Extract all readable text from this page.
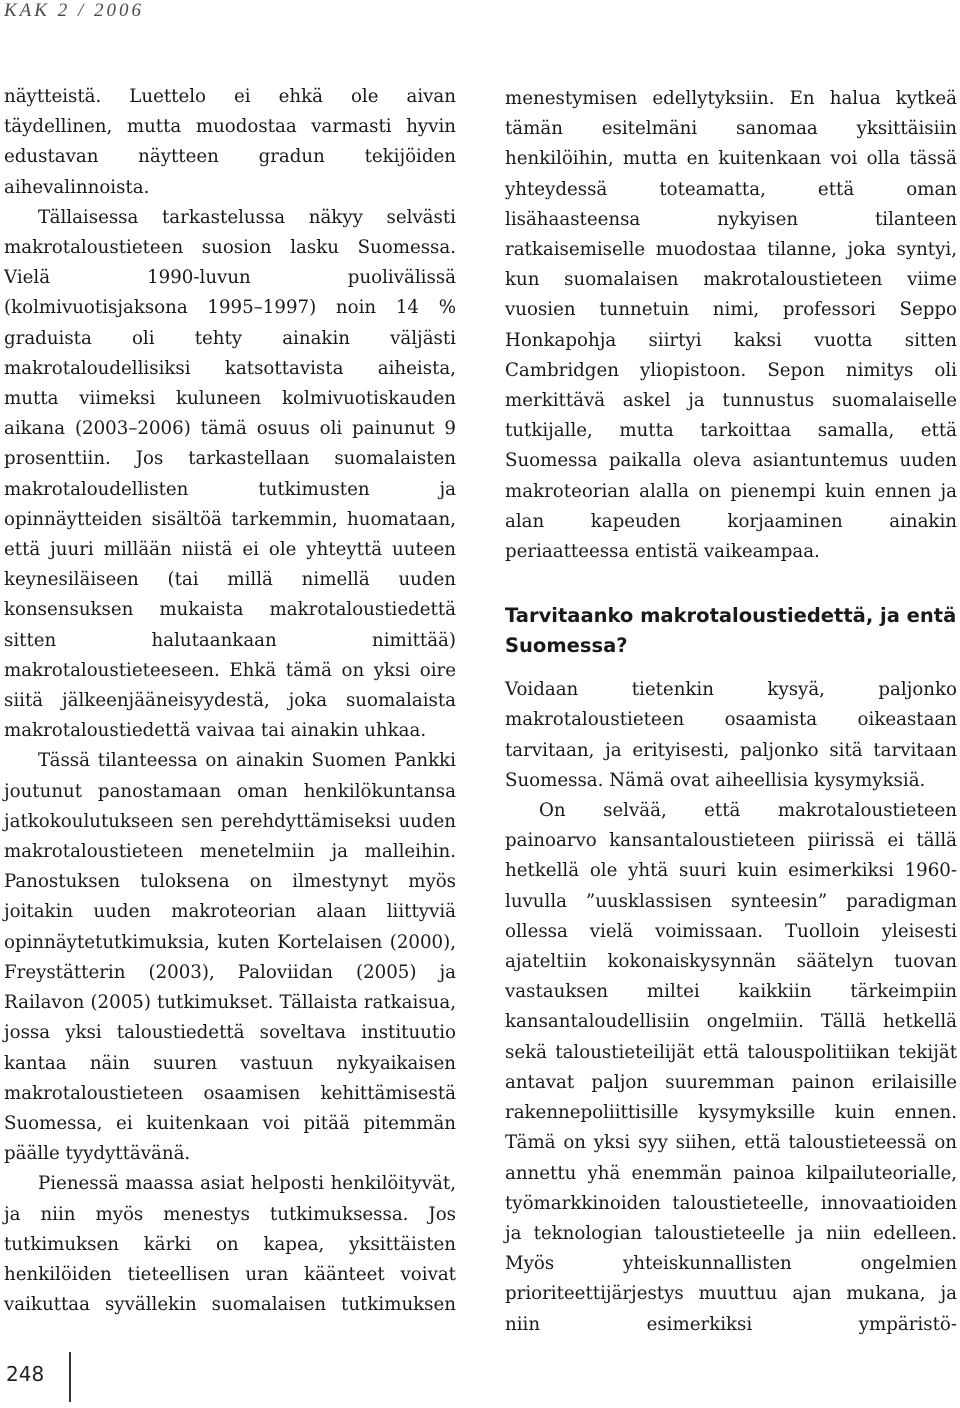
KAK 2 / 2006

näytteistä. Luettelo ei ehkä ole aivan täydellinen, mutta muodostaa varmasti hyvin edustavan näytteen gradun tekijöiden aihevalinnoista.

Tällaisessa tarkastelussa näkyy selvästi makrotaloustieteen suosion lasku Suomessa. Vielä 1990-luvun puolivälissä (kolmivuotisjaksona 1995–1997) noin 14 % graduista oli tehty ainakin väljästi makrotaloudellisiksi katsottavista aiheista, mutta viimeksi kuluneen kolmivuotiskauden aikana (2003–2006) tämä osuus oli painunut 9 prosenttiin. Jos tarkastellaan suomalaisten makrotaloudellisten tutkimusten ja opinnäytteiden sisältöä tarkemmin, huomataan, että juuri millään niistä ei ole yhteyttä uuteen keynesiläiseen (tai millä nimellä uuden konsensuksen mukaista makrotaloustiedettä sitten halutaankaan nimittää) makrotaloustieteeseen. Ehkä tämä on yksi oire siitä jälkeenjääneisyydestä, joka suomalaista makrotaloustiedettä vaivaa tai ainakin uhkaa.

Tässä tilanteessa on ainakin Suomen Pankki joutunut panostamaan oman henkilökuntansa jatkokoulutukseen sen perehdyttämiseksi uuden makrotaloustieteen menetelmiin ja malleihin. Panostuksen tuloksena on ilmestynyt myös joitakin uuden makroteorian alaan liittyviä opinnäytetutkimuksia, kuten Kortelaisen (2000), Freystätterin (2003), Paloviidan (2005) ja Railavon (2005) tutkimukset. Tällaista ratkaisua, jossa yksi taloustiedettä soveltava instituutio kantaa näin suuren vastuun nykyaikaisen makrotaloustieteen osaamisen kehittämisestä Suomessa, ei kuitenkaan voi pitää pitemmän päälle tyydyttävänä.

Pienessä maassa asiat helposti henkilöityvät, ja niin myös menestys tutkimuksessa. Jos tutkimuksen kärki on kapea, yksittäisten henkilöiden tieteellisen uran käänteet voivat vaikuttaa syvällekin suomalaisen tutkimuksen

menestymisen edellytyksiin. En halua kytkeä tämän esitelmäni sanomaa yksittäisiin henkilöihin, mutta en kuitenkaan voi olla tässä yhteydessä toteamatta, että oman lisähaasteensa nykyisen tilanteen ratkaisemiselle muodostaa tilanne, joka syntyi, kun suomalaisen makrotaloustieteen viime vuosien tunnetuin nimi, professori Seppo Honkapohja siirtyi kaksi vuotta sitten Cambridgen yliopistoon. Sepon nimitys oli merkittävä askel ja tunnustus suomalaiselle tutkijalle, mutta tarkoittaa samalla, että Suomessa paikalla oleva asiantuntemus uuden makroteorian alalla on pienempi kuin ennen ja alan kapeuden korjaaminen ainakin periaatteessa entistä vaikeampaa.

Tarvitaanko makrotaloustiedettä, ja entä Suomessa?

Voidaan tietenkin kysyä, paljonko makrotaloustieteen osaamista oikeastaan tarvitaan, ja erityisesti, paljonko sitä tarvitaan Suomessa. Nämä ovat aiheellisia kysymyksiä.

On selvää, että makrotaloustieteen painoarvo kansantaloustieteen piirissä ei tällä hetkellä ole yhtä suuri kuin esimerkiksi 1960-luvulla ”uusklassisen synteesin” paradigman ollessa vielä voimissaan. Tuolloin yleisesti ajateltiin kokonaiskysynnän säätelyn tuovan vastauksen miltei kaikkiin tärkeimpiin kansantaloudellisiin ongelmiin. Tällä hetkellä sekä taloustieteilijät että talouspolitiikan tekijät antavat paljon suuremman painon erilaisille rakennepoliittisille kysymyksille kuin ennen. Tämä on yksi syy siihen, että taloustieteessä on annettu yhä enemmän painoa kilpailuteorialle, työmarkkinoiden taloustieteelle, innovaatioiden ja teknologian taloustieteelle ja niin edelleen. Myös yhteiskunnallisten ongelmien prioriteettijärjestys muuttuu ajan mukana, ja niin esimerkiksi ympäristö-

248
